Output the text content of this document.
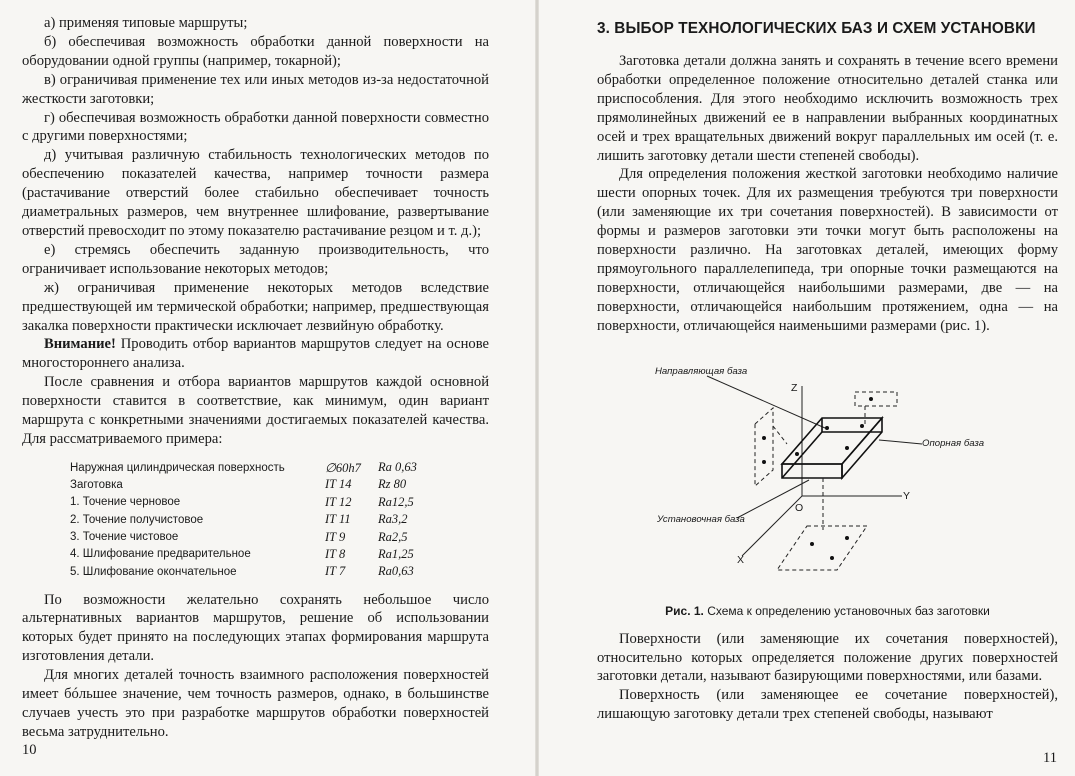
а) применяя типовые маршруты;

б) обеспечивая возможность обработки данной поверхности на оборудовании одной группы (например, токарной);

в) ограничивая применение тех или иных методов из-за недостаточной жесткости заготовки;

г) обеспечивая возможность обработки данной поверхности совместно с другими поверхностями;

д) учитывая различную стабильность технологических методов по обеспечению показателей качества, например точности размера (растачивание отверстий более стабильно обеспечивает точность диаметральных размеров, чем внутреннее шлифование, развертывание отверстий превосходит по этому показателю растачивание резцом и т. д.);

е) стремясь обеспечить заданную производительность, что ограничивает использование некоторых методов;

ж) ограничивая применение некоторых методов вследствие предшествующей им термической обработки; например, предшествующая закалка поверхности практически исключает лезвийную обработку.

Внимание! Проводить отбор вариантов маршрутов следует на основе многостороннего анализа.

После сравнения и отбора вариантов маршрутов каждой основной поверхности ставится в соответствие, как минимум, один вариант маршрута с конкретными значениями достигаемых показателей качества. Для рассматриваемого примера:

Наружная цилиндрическая поверхность	∅60h7	Ra 0,63
Заготовка	IT 14	Rz 80
1. Точение черновое	IT 12	Ra12,5
2. Точение получистовое	IT 11	Ra3,2
3. Точение чистовое	IT 9	Ra2,5
4. Шлифование предварительное	IT 8	Ra1,25
5. Шлифование окончательное	IT 7	Ra0,63

По возможности желательно сохранять небольшое число альтернативных вариантов маршрутов, решение об использовании которых будет принято на последующих этапах формирования маршрута изготовления детали.

Для многих деталей точность взаимного расположения поверхностей имеет бóльшее значение, чем точность размеров, однако, в большинстве случаев учесть это при разработке маршрутов обработки поверхностей весьма затруднительно.

10
3. ВЫБОР ТЕХНОЛОГИЧЕСКИХ БАЗ И СХЕМ УСТАНОВКИ

Заготовка детали должна занять и сохранять в течение всего времени обработки определенное положение относительно деталей станка или приспособления. Для этого необходимо исключить возможность трех прямолинейных движений ее в направлении выбранных координатных осей и трех вращательных движений вокруг параллельных им осей (т. е. лишить заготовку детали шести степеней свободы).

Для определения положения жесткой заготовки необходимо наличие шести опорных точек. Для их размещения требуются три поверхности (или заменяющие их три сочетания поверхностей). В зависимости от формы и размеров заготовки эти точки могут быть расположены на поверхности различно. На заготовках деталей, имеющих форму прямоугольного параллелепипеда, три опорные точки размещаются на поверхности, отличающейся наибольшими размерами, две — на поверхности, отличающейся наибольшим протяжением, одна — на поверхности, отличающейся наименьшими размерами (рис. 1).

Направляющая база
Опорная база
Установочная база
Z
Y
X
O
Рис. 1. Схема к определению установочных баз заготовки

Поверхности (или заменяющие их сочетания поверхностей), относительно которых определяется положение других поверхностей заготовки детали, называют базирующими поверхностями, или базами.

Поверхность (или заменяющее ее сочетание поверхностей), лишающую заготовку детали трех степеней свободы, называют

11
